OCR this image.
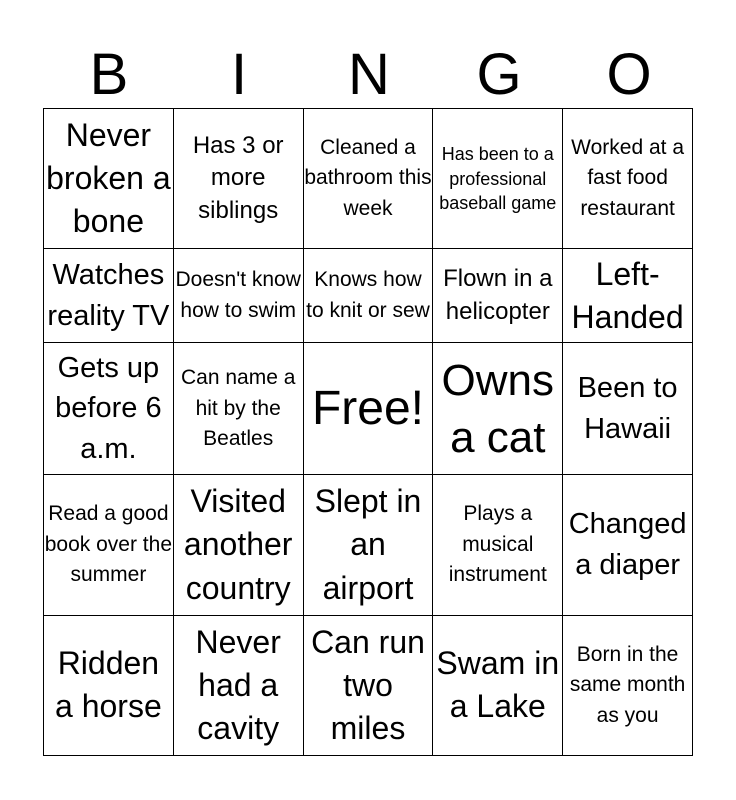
B	I	N	G	O
Never broken a bone	Has 3 or more siblings	Cleaned a bathroom this week	Has been to a professional baseball game	Worked at a fast food restaurant

Watches reality TV	Doesn't know how to swim	Knows how to knit or sew	Flown in a helicopter	Left-Handed

Gets up before 6 a.m.	Can name a hit by the Beatles	Free!	Owns a cat	Been to Hawaii

Read a good book over the summer	Visited another country	Slept in an airport	Plays a musical instrument	Changed a diaper

Ridden a horse	Never had a cavity	Can run two miles	Swam in a Lake	Born in the same month as you
